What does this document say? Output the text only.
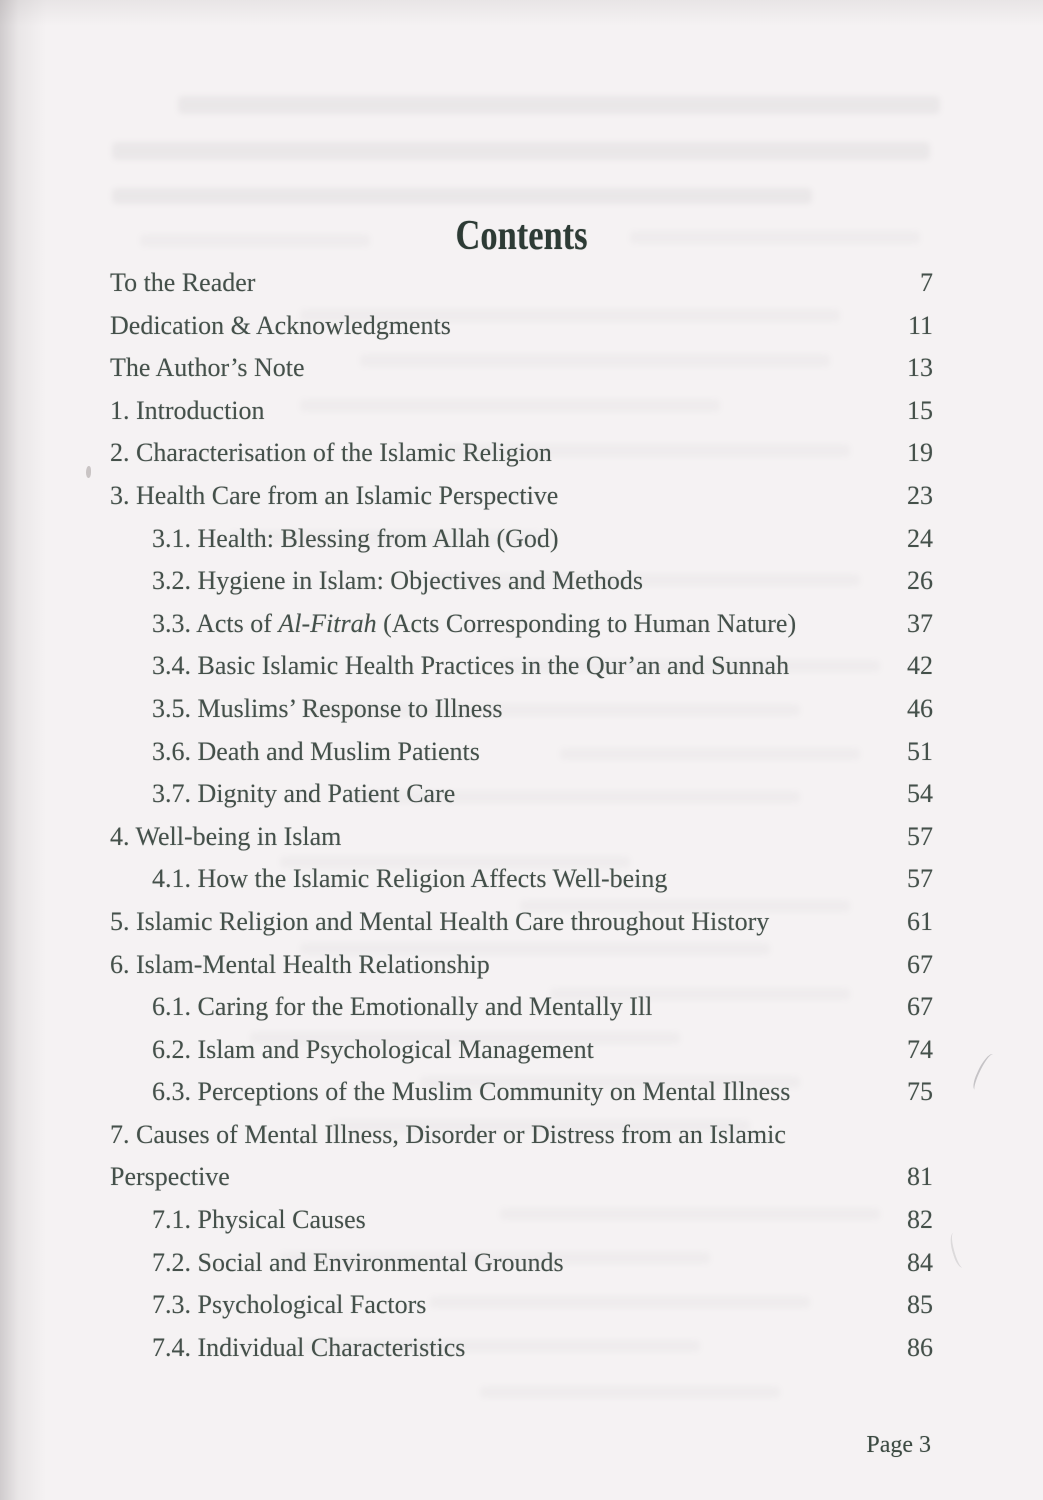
Contents
To the Reader	7
Dedication & Acknowledgments	11
The Author’s Note	13
1. Introduction	15
2. Characterisation of the Islamic Religion	19
3. Health Care from an Islamic Perspective	23
3.1. Health: Blessing from Allah (God)	24
3.2. Hygiene in Islam: Objectives and Methods	26
3.3. Acts of Al-Fitrah (Acts Corresponding to Human Nature)	37
3.4. Basic Islamic Health Practices in the Qur’an and Sunnah	42
3.5. Muslims’ Response to Illness	46
3.6. Death and Muslim Patients	51
3.7. Dignity and Patient Care	54
4. Well-being in Islam	57
4.1. How the Islamic Religion Affects Well-being	57
5. Islamic Religion and Mental Health Care throughout History	61
6. Islam-Mental Health Relationship	67
6.1. Caring for the Emotionally and Mentally Ill	67
6.2. Islam and Psychological Management	74
6.3. Perceptions of the Muslim Community on Mental Illness	75
7. Causes of Mental Illness, Disorder or Distress from an Islamic
Perspective	81
7.1. Physical Causes	82
7.2. Social and Environmental Grounds	84
7.3. Psychological Factors	85
7.4. Individual Characteristics	86
Page 3
